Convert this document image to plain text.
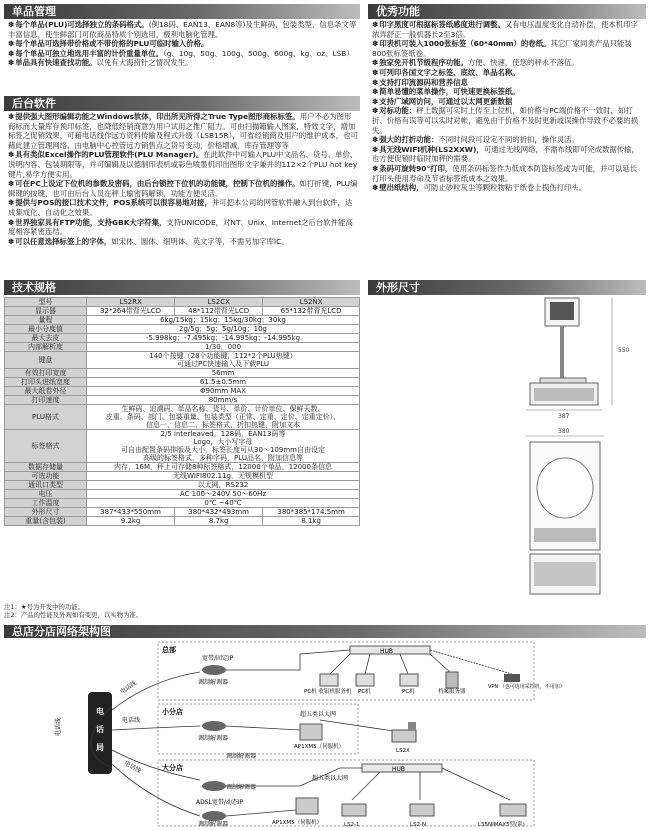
单品管理

✽每个单品(PLU)可选择独立的条码格式。(例18码、EAN13、EAN8等)及生鲜码、包装类型、信息条文等丰富信息，使生鲜部门可依商品特质个别选用，极利电脑化管理。

✽每个单品可选择带价格或不带价格的PLU可临时输入价格。

✽每个单品可独立地选用丰富的计价重量单位。（g、10g、50g、100g、500g、600g、kg、oz、LSB）

✽单品具有快速查找功能。以免有大海捞针之情况发生。

后台软件

✽提供强大图形编辑功能之Windows软体，印出所见所得之True Type图形商标标签。用户不必为图形商标而大量库存预印标签，也降低经销商意为用户试用之推广阻力。可由扫描籍输入图案，特效文字，增加标签之促销效果，可藉电话线作远方资料传输及程式升级（LSB15R），可省经销商及用户的维护成本，也可藉此建立管理网络，由电脑中心控管远方销售点之货号变动，价格增减，库存管理等等

✽具有类似Excel操作的PLU管理软件(PLU Manager)。在此软件中可输入PLU中文品名、货号、单价、说明内容、包装期限等，并可编辑及以德制印表机或彩色喷墨机印出图形文字兼并的112×2个PLU hot key键片,易学方便实用。

✽可在PC上设定下位机的参数及密码，由后台锁控下位机的功能键，控制下位机的操作。如打折键，PLU编辑键的按键，也可由后台人员在秤上输密码解锁，功能方便灵活。

✽提供与POS的接口技术文件，POS系统可以很容易地对接，并可把本公司的网管软件融入到台软件，达成集成化、自动化之效果。

✽世界独家具有FTP功能，支持GBK大字符集，支持UNICODE，对NT、Unix、Internet之后台软件能高度相容紧密连结。

✽可以任意选择标签上的字体，如宋体、圆体、细明体、英文字等，不需另加字库IC。

技术规格
型号	LS2RX	LS2CX	LS2NX
显示器	32*264带背光LCD	48*112带背光LCD	65*132带背光LCD
量程	6kg/15kg；15kg；15kg/30kg；30kg		
最小分度值	2g/5g；5g；5g/10g；10g		
最大去皮	-5.998kg；-7.495kg；-14.995kg；-14.995kg		
内部解析度	1/30，000		
键盘	140个按键（28个功能键，112*2个PLU热键）
可通过PC快速输入及下载PLU		
有效打印宽度	56mm		
打印头进纸宽度	61.5±0.5mm		
最大纸卷外径	Φ90mm MAX		
打印速度	80mm/s		
PLU格式	生鲜码、追溯码、单品名称、货号、单价、计价单位、保鲜天数、
皮重、条码、部门、包装重量、包装类型（正常、定重、定价、定重定价）、
信息一、信息二、标签格式、折扣热键、附加文本		
标签格式	2/5 interleaved，128码，EAN13码等
Logo，大小写字母
可自由配置条码排版及大小，标签长度可从30～109mm自由设定
高级的标签格式，多种字码，PLU品名，附加信息等		
数据存储量	内存，16M，秤上可存储8种标签格式，12000个单品，12000条信息		
可选功能	无线WIFI802.11g，无规模机型		
通讯口类型	以太网，RS232		
电压	AC 100～240V 50～60Hz		
工作温度	0℃ ~40℃		
外形尺寸	387*433*550mm	380*432*493mm	380*385*174.5mm
重量(含包装)	9.2kg	8.7kg	8.1kg
注1：★号为开发中的功能。
注2：产品的性能及外观如有变更，以实物为准。
优秀功能

✽印字黑度可根据标签纸感度进行调整。又有电压温度变化自动补偿，使本机印字浓弄舒正一般机器长2至3倍。

✽印表机可装入1000张标签（60*40mm）的卷纸。其它厂家同类产品只能装800张标签纸卷。

✽独家免开机节级程序功能。方便、快速，使您的秤永不落伍。

✽可列印各国文字之标签、底纹、单品名称。

✽支持打印流源码和营养信息

✽简单易懂的菜单操作，可快速更换标签纸。

✽支持广域网访问，可通过以太网更新数据

✽对标功能：秤上数据可实时上传至上位机，如价格与PC端价格不一致时，如打折、价格有误等可以实时对帐，避免由于价格不及时更新或误操作导致不必要的损失。

✽强大的打折功能：不同时间段可设定不同的折扣，操作灵活。

✽具无线WIFI机种(LS2XXW)，可通过无线网络，不需布线即可完成数据传输，也方便促销时临时加秤的需要。

✽条码可旋转90°打印，使用条码标签作为低成本防盗标签或为可能，并可以延长打印头使用寿命及节省标签纸成本之效果。

✽壁出纸结构，可防止砂粒灰尘等颗粒物粘于纸卷上损伤打印头。

外形尺寸
550
387
380
总店分店网络架构图
总部
小分店
大分店
电
话
局
电话线
电话线
电话线
电话线
调制解调器
调制解调器
调制解调器
调制解调器
调制解调器
宽带/固定IP
HUB
PC机 收银机服务机 PC机	PC机	档案服务器
VPN （也可选用采控机，不用加）
超五类以太网
AP1XM5（伺服机）
LS2X
HUB
ADSL宽带/动态IP
超五类以太网
AP1XM5（伺服机）	LS2-1	LS2-N	LS5NIMAX5型(系)
